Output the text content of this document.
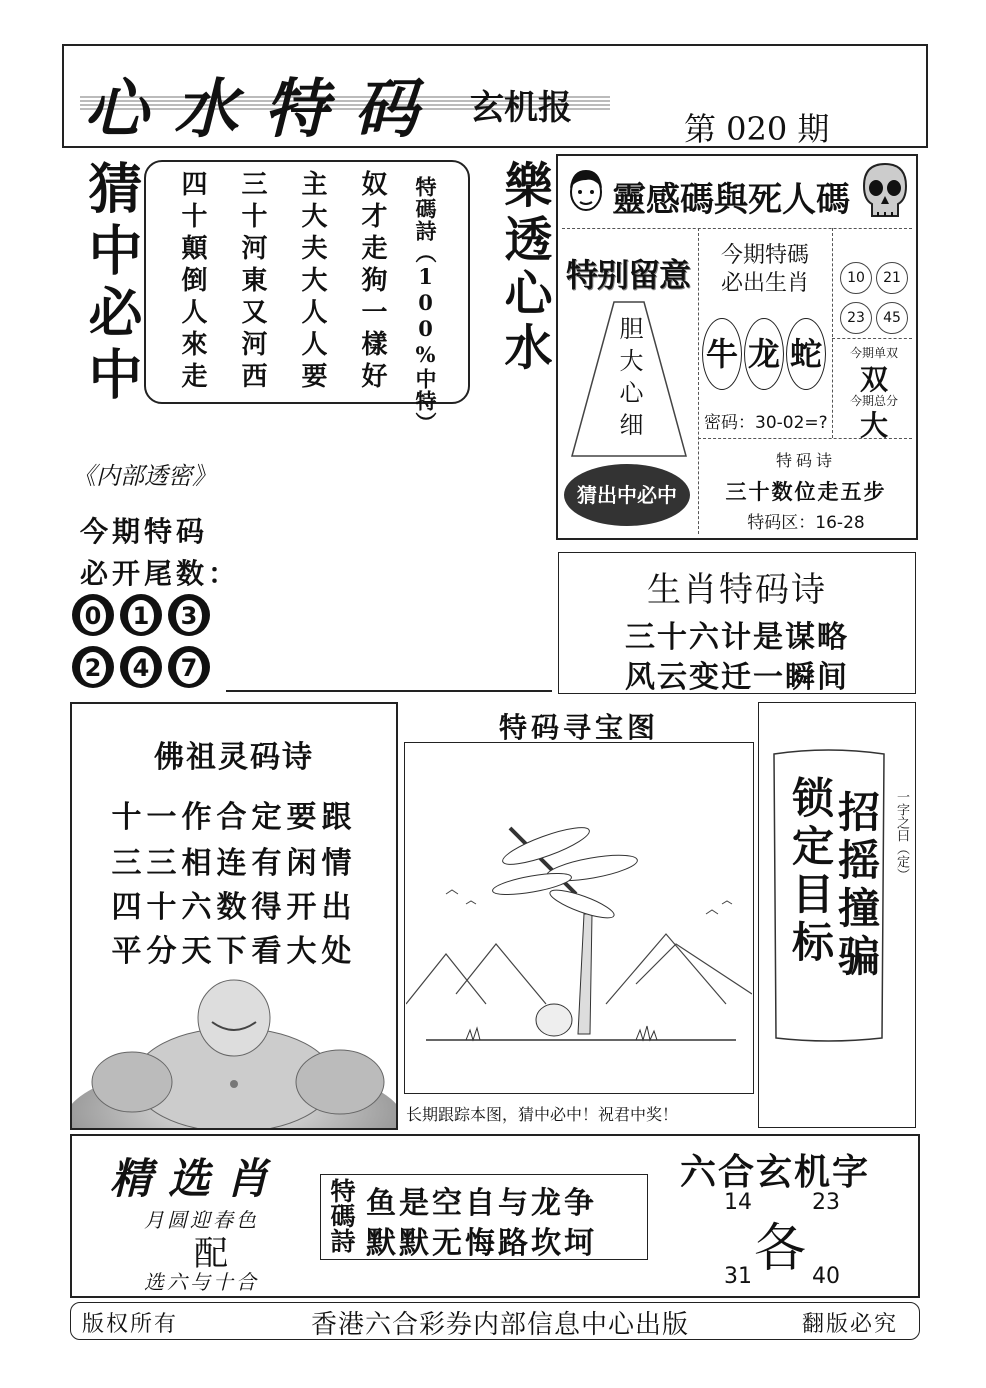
心水特码 玄机报
第 020 期
猜中必中	奴才走狗一樣好
主大夫大人人要
三十河東又河西
四十顛倒人來走	特碼詩（100%中特） 樂透心水 靈感碼與死人碼
特别留意
胆大心细
猜出中必中
今期特碼必出生肖
牛 龙 蛇
密码：30-02=?
10	21
23	45
今期单双
双
今期总分
大
特码诗
三十数位走五步
特码区：16-28
《内部透密》
今期特码
必开尾数：
0	1	3
2	4	7
生肖特码诗
三十六计是谋略
风云变迁一瞬间
佛祖灵码诗
十一作合定要跟
三三相连有闲情
四十六数得开出
平分天下看大处
特码寻宝图
长期跟踪本图，猜中必中！祝君中奖！
招摇撞骗
锁定目标	一字之曰（定）
精选肖
月圆迎春色
配
选六与十合
特碼詩 鱼是空自与龙争
默默无悔路坎坷
六合玄机字
14	23
各
31	40
版权所有	香港六合彩券内部信息中心出版	翻版必究
